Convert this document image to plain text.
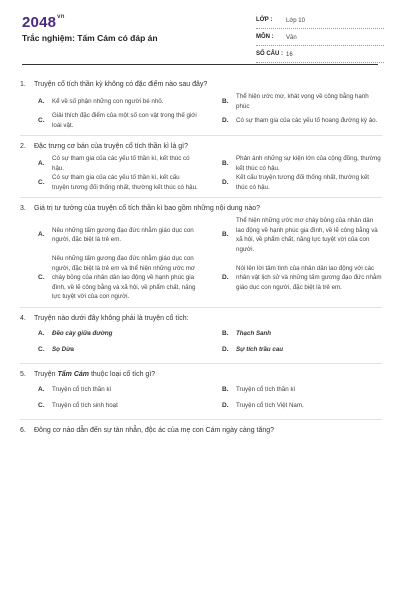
$2048^{vn}$
Trắc nghiệm: Tấm Cám có đáp án
LỚP : Lớp 10
MÔN : Văn
SỐ CÂU : 16
1. Truyện cổ tích thần kỳ không có đặc điểm nào sau đây?
A. Kể về số phận những con người bé nhỏ.	B.
Thể hiện ước mơ, khát vọng về công bằng hạnh phúc
C.
Giải thích đặc điểm của một số con vật trong thế giới loài vật.
D. Có sự tham gia của các yếu tố hoang đường kỳ ảo.
2. Đặc trưng cơ bản của truyện cổ tích thần kì là gì?
A.
Có sự tham gia của các yếu tố thần kì, kết thúc có hậu.
B.
Phản ánh những sự kiện lớn của cộng đồng, thường kết thúc có hậu.
C.
Có sự tham gia của các yếu tố thần kì, kết cấu truyện tương đối thống nhất, thường kết thúc có hậu.
D.
Kết cấu truyện tương đối thống nhất, thường kết thúc có hậu.
3. Giá trị tư tưởng của truyện cổ tích thần kì bao gồm những nội dung nào?
A.
Nêu những tấm gương đạo đức nhằm giáo dục con người, đặc biệt là trẻ em.
B.
Thể hiện những ước mơ cháy bỏng của nhân dân lao động về hạnh phúc gia đình, về lẽ công bằng và xã hội, về phẩm chất, năng lực tuyệt vời của con người.
C.
Nêu những tấm gương đạo đức nhằm giáo dục con người, đặc biệt là trẻ em và thể hiện những ước mơ cháy bỏng của nhân dân lao động về hạnh phúc gia đình, về lẽ công bằng và xã hội, về phẩm chất, năng lực tuyệt vời của con người.
D.
Nói lên lời tâm tình của nhân dân lao động với các nhân vật lịch sử và những tấm gương đạo đức nhằm giáo dục con người, đặc biệt là trẻ em.
4. Truyện nào dưới đây không phải là truyện cổ tích:
A. Đẽo cày giữa đường	B. Thạch Sanh
C. Sọ Dừa	D. Sự tích trầu cau
5. Truyện Tấm Cám thuộc loại cổ tích gì?
A. Truyện cổ tích thần kì	B. Truyện cổ tích thần kì
C. Truyện cổ tích sinh hoạt	D. Truyện cổ tích Việt Nam.
6. Đông cơ nào dẫn đến sự tàn nhẫn, độc ác của mẹ con Cám ngày càng tăng?
